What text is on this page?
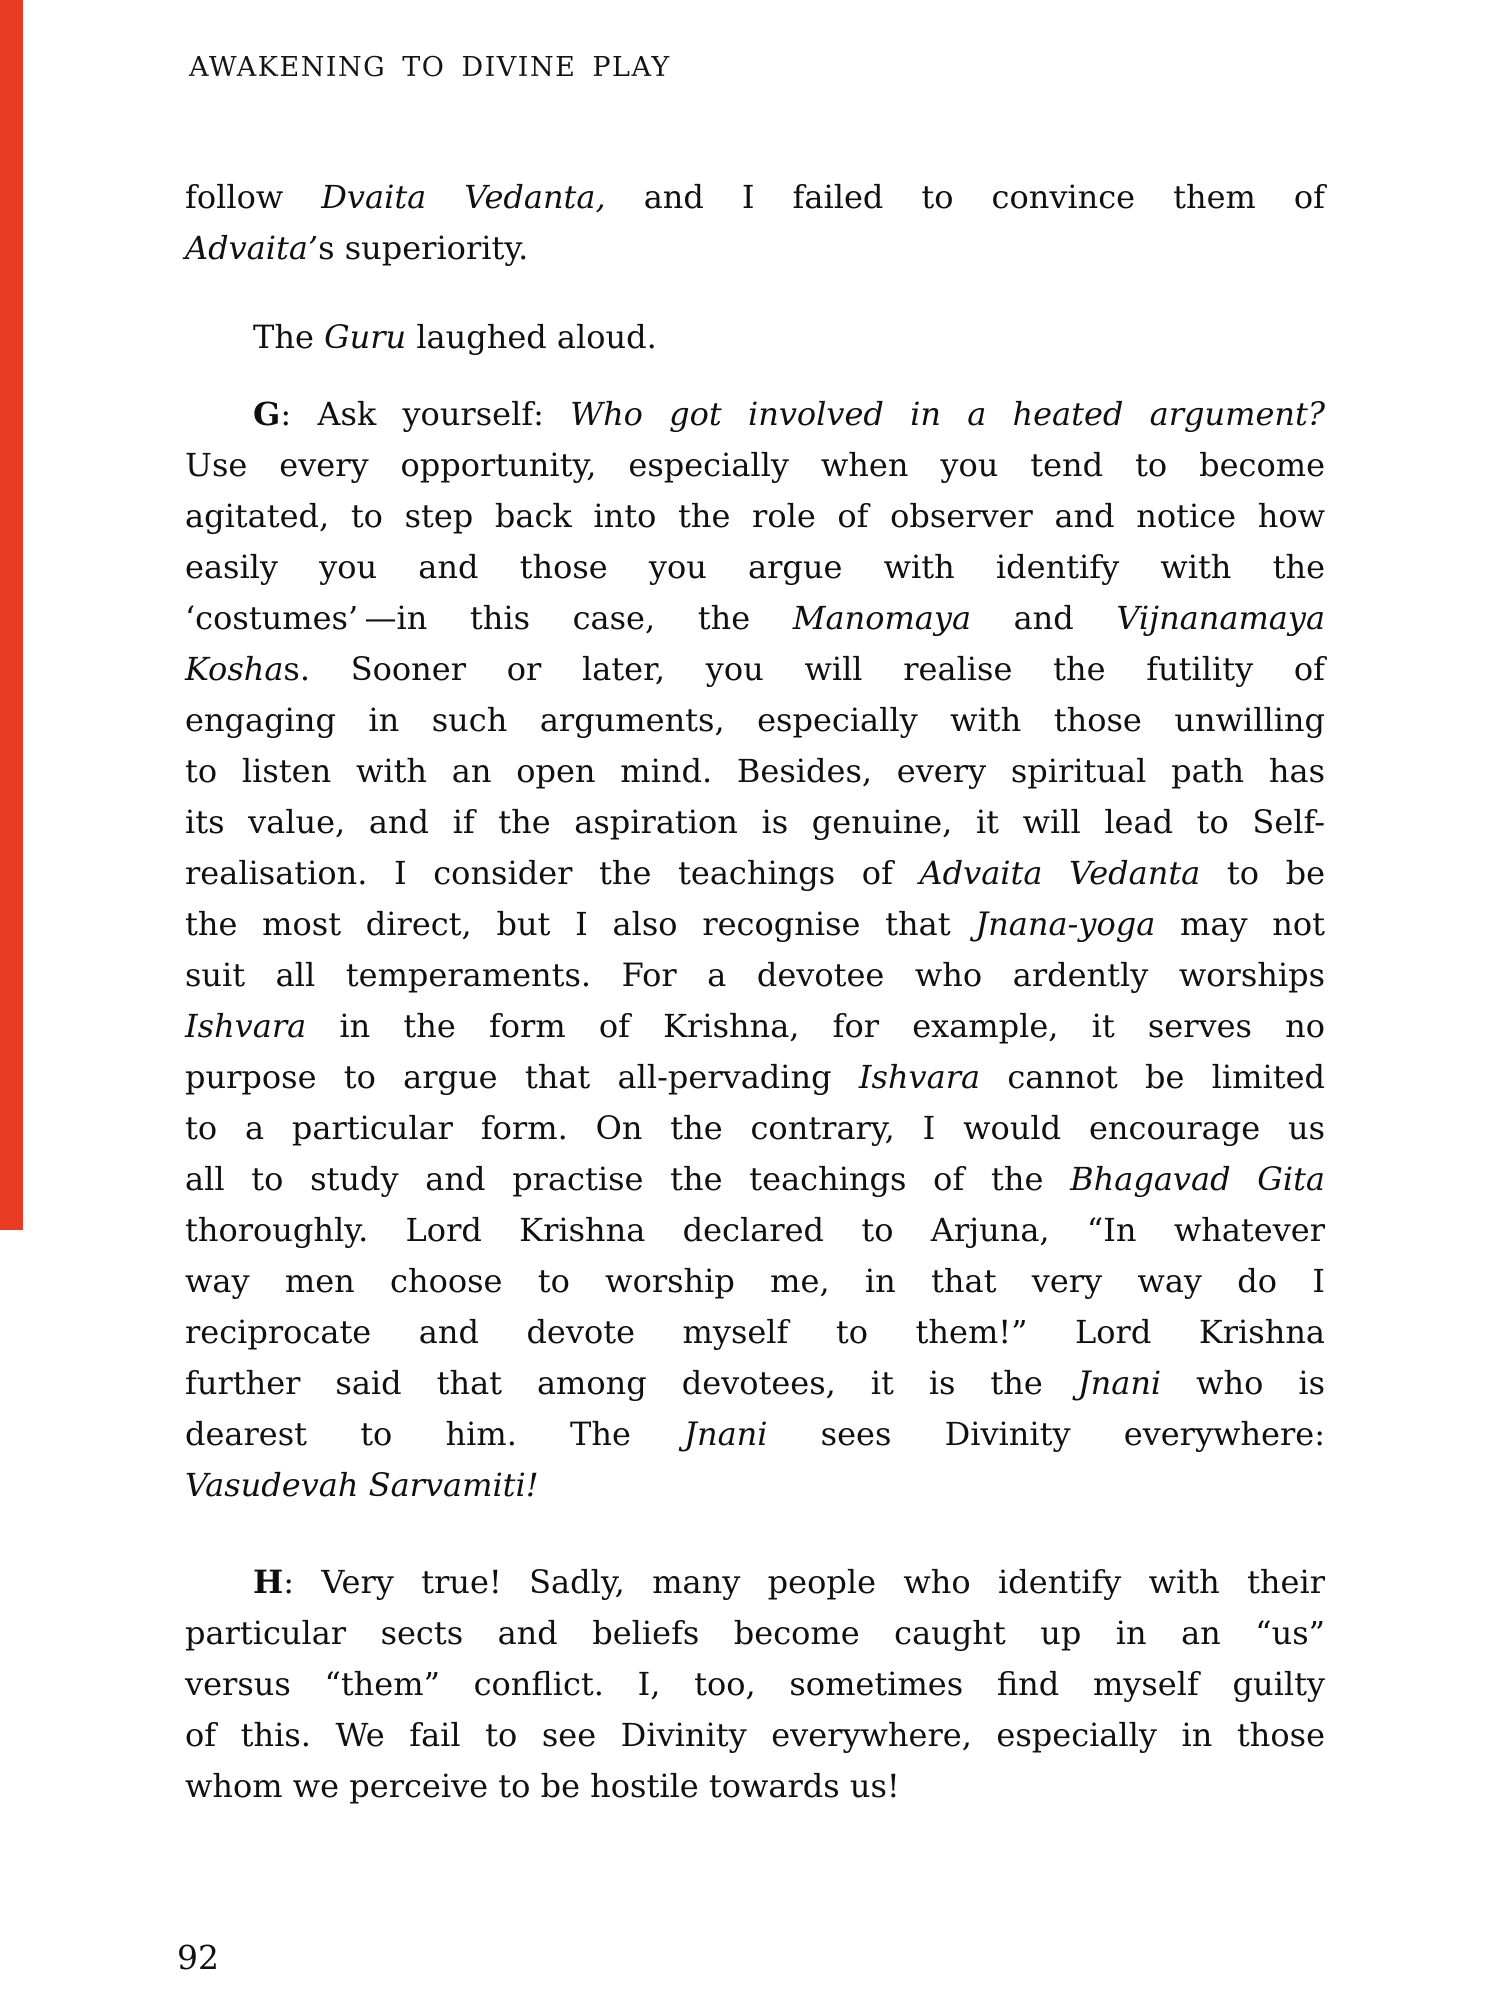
AWAKENING TO DIVINE PLAY
follow Dvaita Vedanta, and I failed to convince them of
Advaita’s superiority.
The Guru laughed aloud.
G: Ask yourself: Who got involved in a heated argument?
Use every opportunity, especially when you tend to become
agitated, to step back into the role of observer and notice how
easily you and those you argue with identify with the
‘costumes’ —in this case, the Manomaya and Vijnanamaya
Koshas. Sooner or later, you will realise the futility of
engaging in such arguments, especially with those unwilling
to listen with an open mind. Besides, every spiritual path has
its value, and if the aspiration is genuine, it will lead to Self-
realisation. I consider the teachings of Advaita Vedanta to be
the most direct, but I also recognise that Jnana-yoga may not
suit all temperaments. For a devotee who ardently worships
Ishvara in the form of Krishna, for example, it serves no
purpose to argue that all-pervading Ishvara cannot be limited
to a particular form. On the contrary, I would encourage us
all to study and practise the teachings of the Bhagavad Gita
thoroughly. Lord Krishna declared to Arjuna, “In whatever
way men choose to worship me, in that very way do I
reciprocate and devote myself to them!” Lord Krishna
further said that among devotees, it is the Jnani who is
dearest to him. The Jnani sees Divinity everywhere:
Vasudevah Sarvamiti!
H: Very true! Sadly, many people who identify with their
particular sects and beliefs become caught up in an “us”
versus “them” conflict. I, too, sometimes find myself guilty
of this. We fail to see Divinity everywhere, especially in those
whom we perceive to be hostile towards us!
92
